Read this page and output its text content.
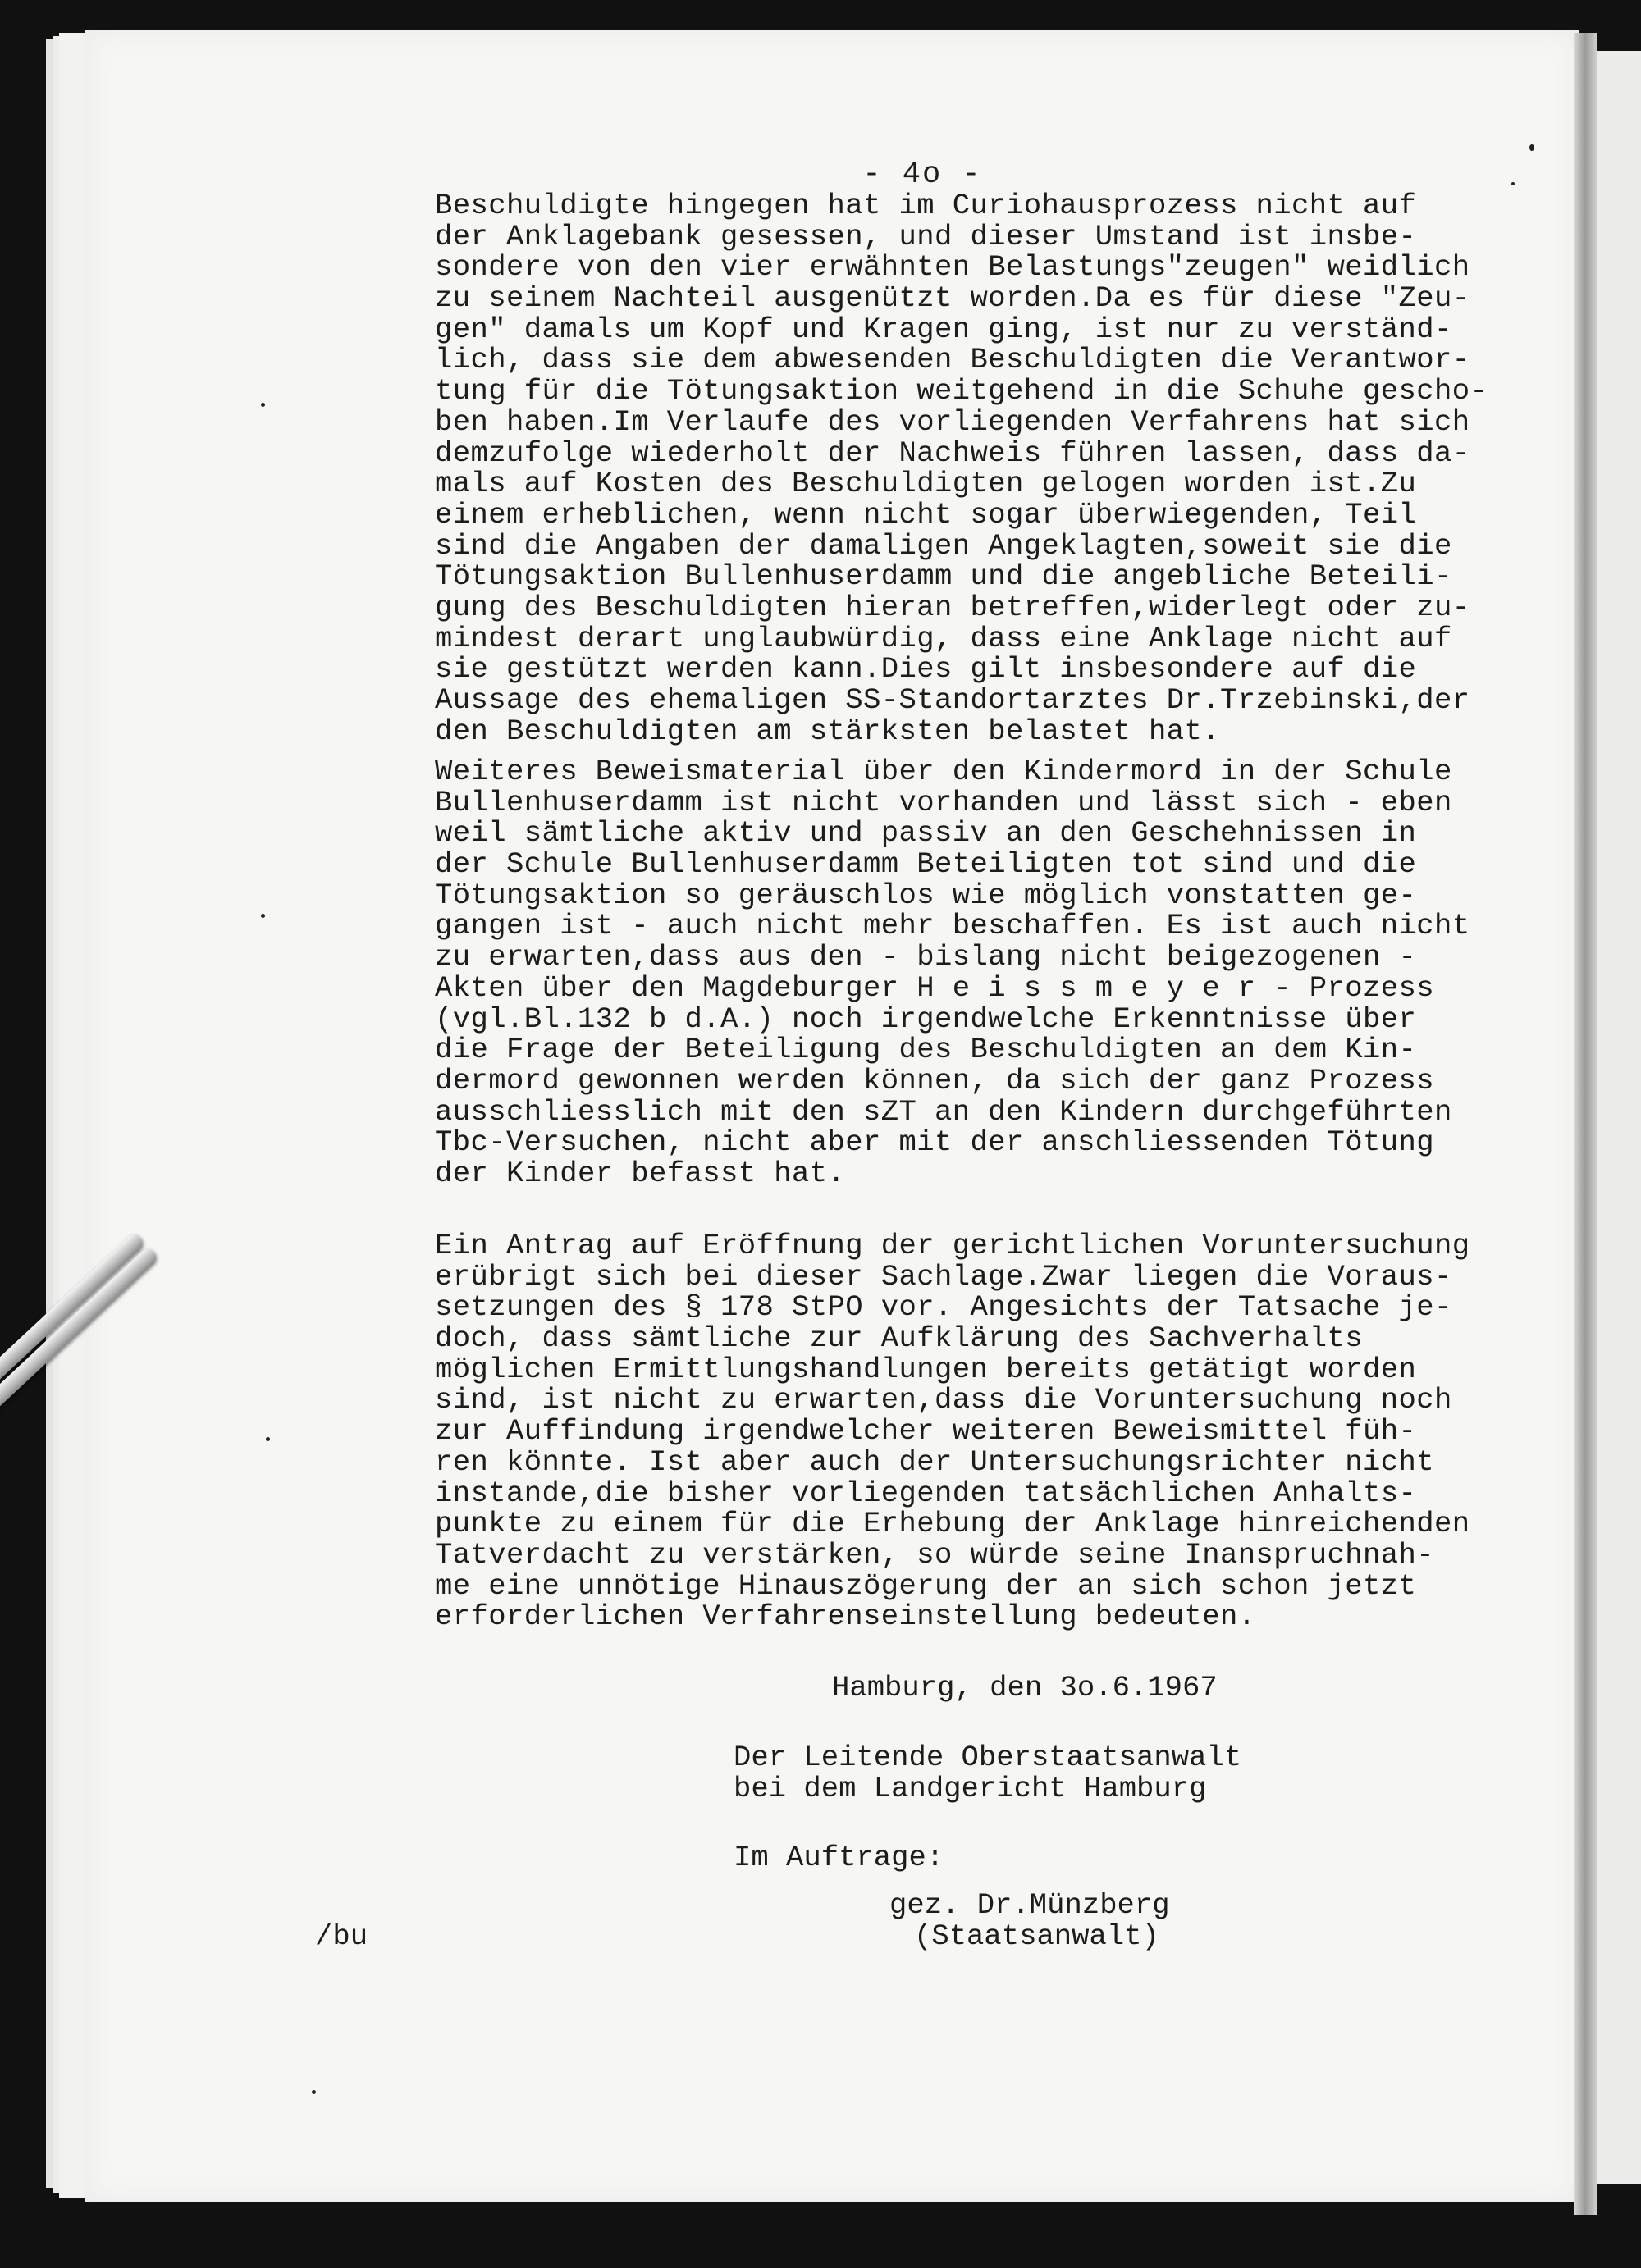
- 4o -
Beschuldigte hingegen hat im Curiohausprozess nicht auf
der Anklagebank gesessen, und dieser Umstand ist insbe-
sondere von den vier erwähnten Belastungs"zeugen" weidlich
zu seinem Nachteil ausgenützt worden.Da es für diese "Zeu-
gen" damals um Kopf und Kragen ging, ist nur zu verständ-
lich, dass sie dem abwesenden Beschuldigten die Verantwor-
tung für die Tötungsaktion weitgehend in die Schuhe gescho-
ben haben.Im Verlaufe des vorliegenden Verfahrens hat sich
demzufolge wiederholt der Nachweis führen lassen, dass da-
mals auf Kosten des Beschuldigten gelogen worden ist.Zu
einem erheblichen, wenn nicht sogar überwiegenden, Teil
sind die Angaben der damaligen Angeklagten,soweit sie die
Tötungsaktion Bullenhuserdamm und die angebliche Beteili-
gung des Beschuldigten hieran betreffen,widerlegt oder zu-
mindest derart unglaubwürdig, dass eine Anklage nicht auf
sie gestützt werden kann.Dies gilt insbesondere auf die
Aussage des ehemaligen SS-Standortarztes Dr.Trzebinski,der
den Beschuldigten am stärksten belastet hat.
Weiteres Beweismaterial über den Kindermord in der Schule
Bullenhuserdamm ist nicht vorhanden und lässt sich - eben
weil sämtliche aktiv und passiv an den Geschehnissen in
der Schule Bullenhuserdamm Beteiligten tot sind und die
Tötungsaktion so geräuschlos wie möglich vonstatten ge-
gangen ist - auch nicht mehr beschaffen. Es ist auch nicht
zu erwarten,dass aus den - bislang nicht beigezogenen -
Akten über den Magdeburger H e i s s m e y e r - Prozess
(vgl.Bl.132 b d.A.) noch irgendwelche Erkenntnisse über
die Frage der Beteiligung des Beschuldigten an dem Kin-
dermord gewonnen werden können, da sich der ganz Prozess
ausschliesslich mit den sZT an den Kindern durchgeführten
Tbc-Versuchen, nicht aber mit der anschliessenden Tötung
der Kinder befasst hat.
Ein Antrag auf Eröffnung der gerichtlichen Voruntersuchung
erübrigt sich bei dieser Sachlage.Zwar liegen die Voraus-
setzungen des § 178 StPO vor. Angesichts der Tatsache je-
doch, dass sämtliche zur Aufklärung des Sachverhalts
möglichen Ermittlungshandlungen bereits getätigt worden
sind, ist nicht zu erwarten,dass die Voruntersuchung noch
zur Auffindung irgendwelcher weiteren Beweismittel füh-
ren könnte. Ist aber auch der Untersuchungsrichter nicht
instande,die bisher vorliegenden tatsächlichen Anhalts-
punkte zu einem für die Erhebung der Anklage hinreichenden
Tatverdacht zu verstärken, so würde seine Inanspruchnah-
me eine unnötige Hinauszögerung der an sich schon jetzt
erforderlichen Verfahrenseinstellung bedeuten.
Hamburg, den 3o.6.1967
Der Leitende Oberstaatsanwalt
bei dem Landgericht Hamburg
Im Auftrage:
gez. Dr.Münzberg
/bu	(Staatsanwalt)
